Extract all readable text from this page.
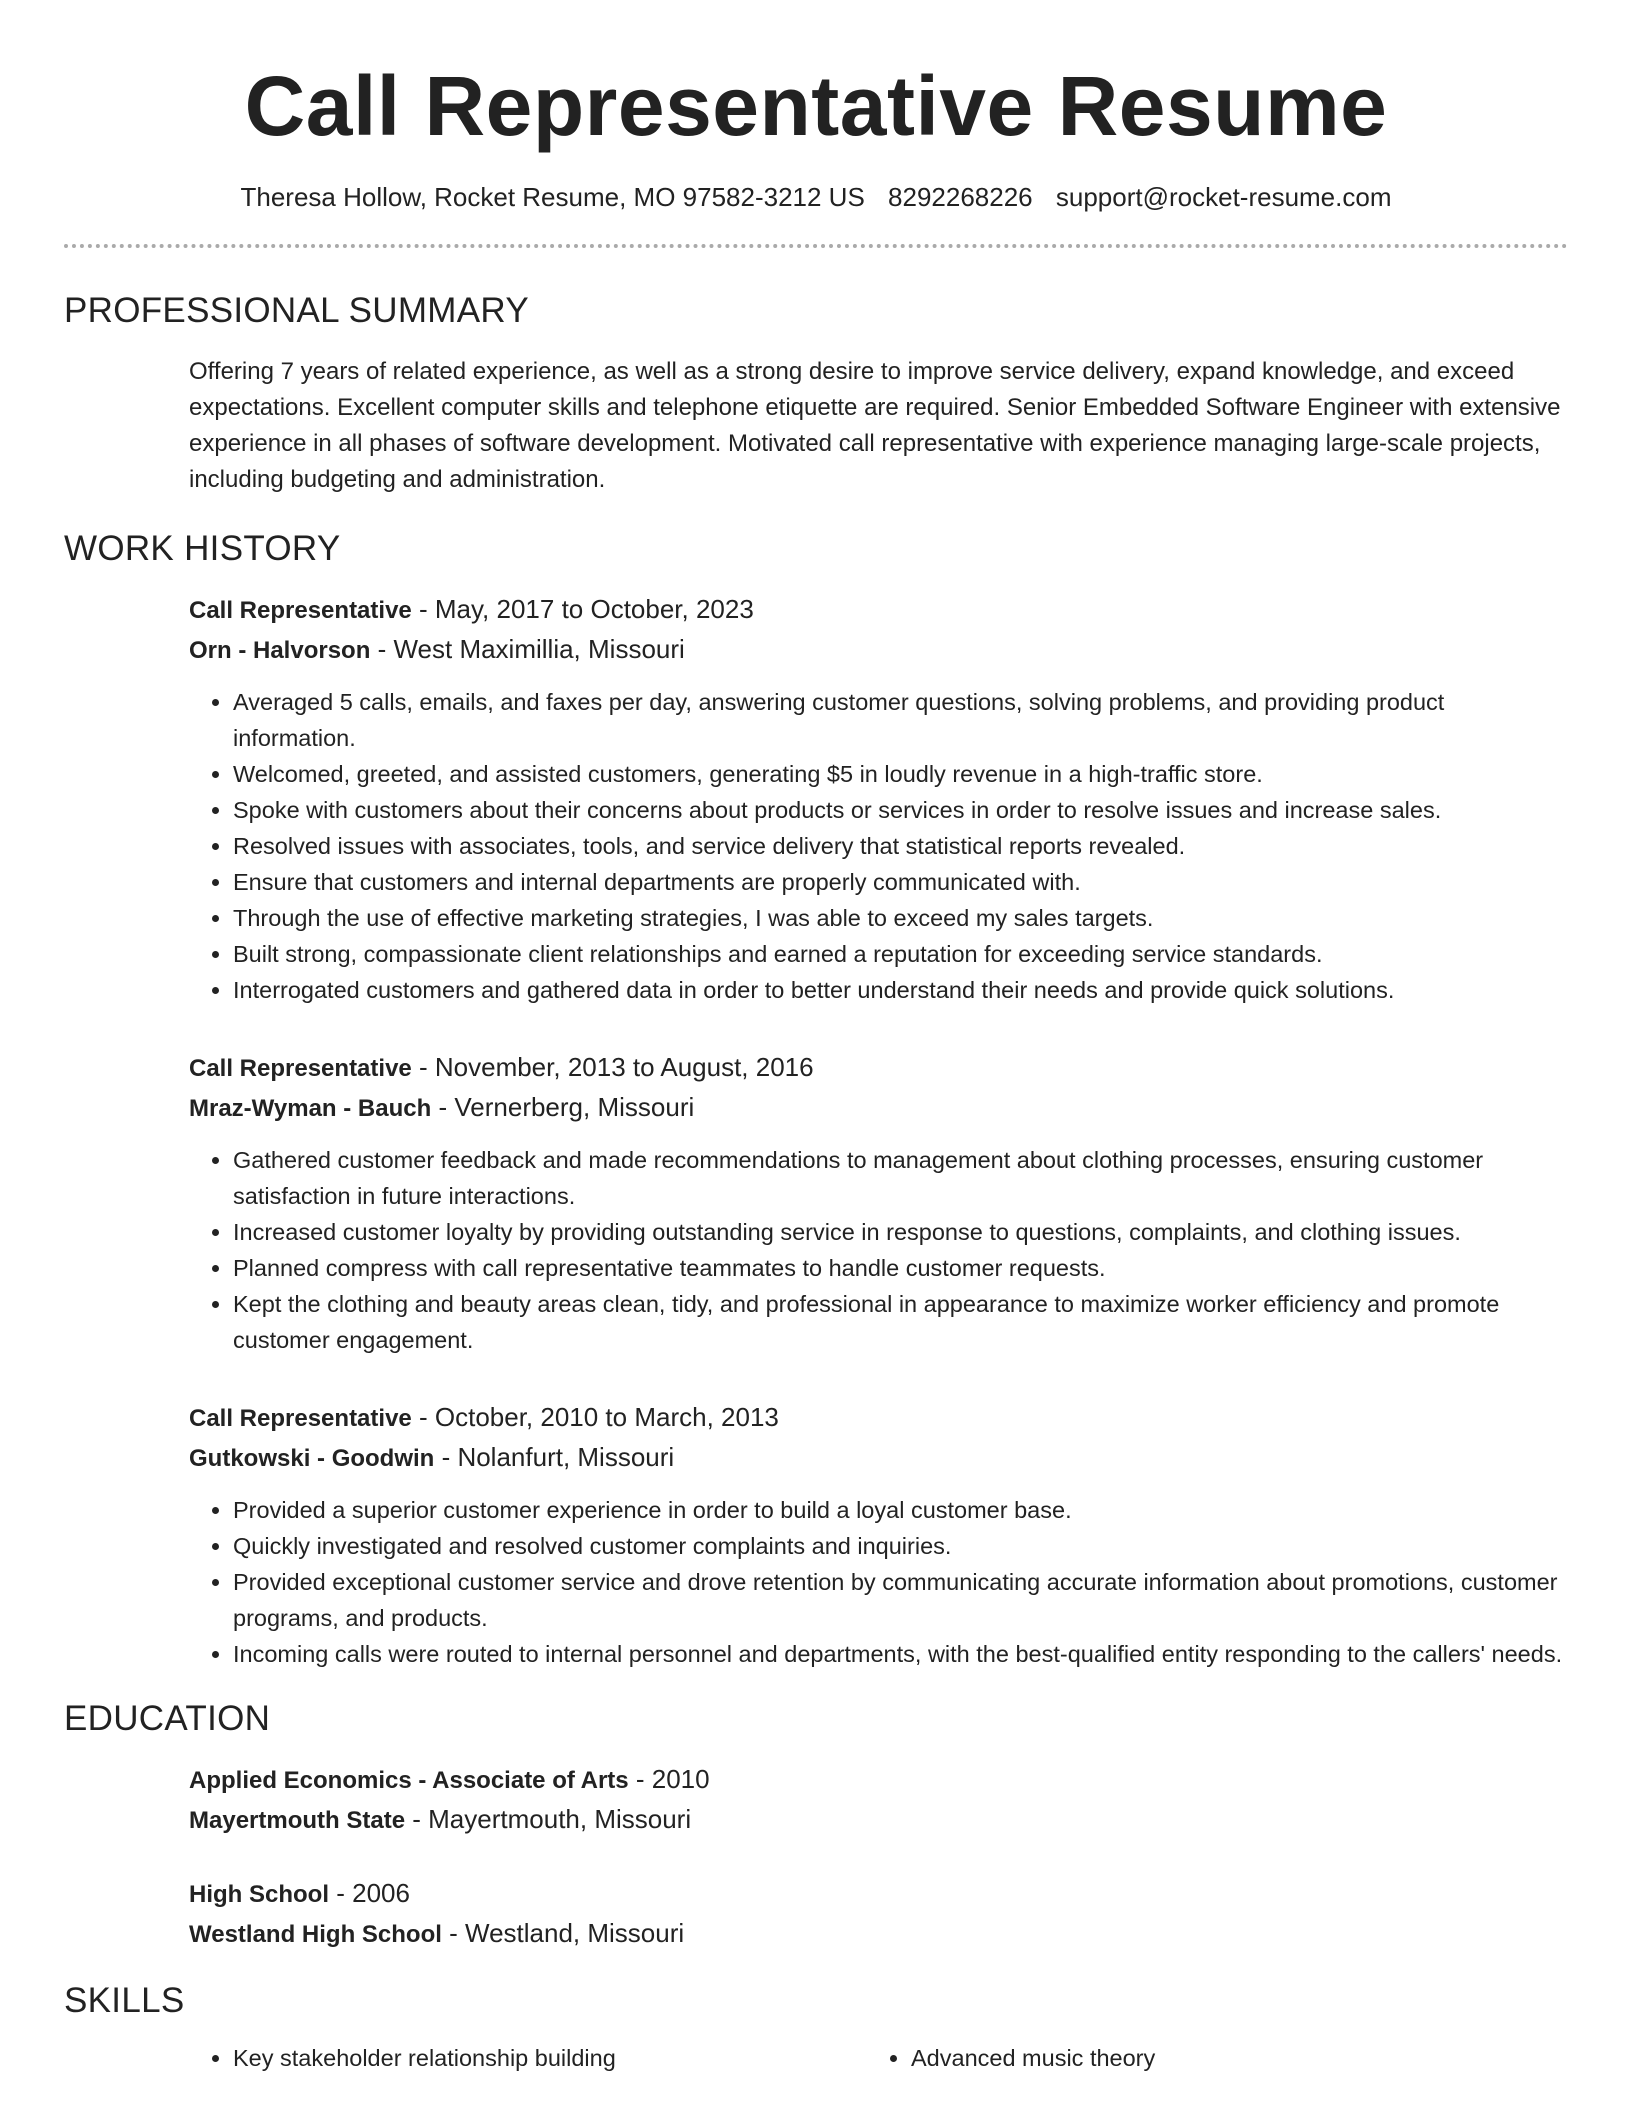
Call Representative Resume
Theresa Hollow, Rocket Resume, MO 97582-3212 US 8292268226 support@rocket-resume.com
PROFESSIONAL SUMMARY

Offering 7 years of related experience, as well as a strong desire to improve service delivery, expand knowledge, and exceed expectations. Excellent computer skills and telephone etiquette are required. Senior Embedded Software Engineer with extensive experience in all phases of software development. Motivated call representative with experience managing large-scale projects, including budgeting and administration.

WORK HISTORY
Call Representative - May, 2017 to October, 2023
Orn - Halvorson - West Maximillia, Missouri
• Averaged 5 calls, emails, and faxes per day, answering customer questions, solving problems, and providing product information.
• Welcomed, greeted, and assisted customers, generating $5 in loudly revenue in a high-traffic store.
• Spoke with customers about their concerns about products or services in order to resolve issues and increase sales.
• Resolved issues with associates, tools, and service delivery that statistical reports revealed.
• Ensure that customers and internal departments are properly communicated with.
• Through the use of effective marketing strategies, I was able to exceed my sales targets.
• Built strong, compassionate client relationships and earned a reputation for exceeding service standards.
• Interrogated customers and gathered data in order to better understand their needs and provide quick solutions.
Call Representative - November, 2013 to August, 2016
Mraz-Wyman - Bauch - Vernerberg, Missouri
• Gathered customer feedback and made recommendations to management about clothing processes, ensuring customer satisfaction in future interactions.
• Increased customer loyalty by providing outstanding service in response to questions, complaints, and clothing issues.
• Planned compress with call representative teammates to handle customer requests.
• Kept the clothing and beauty areas clean, tidy, and professional in appearance to maximize worker efficiency and promote customer engagement.
Call Representative - October, 2010 to March, 2013
Gutkowski - Goodwin - Nolanfurt, Missouri
• Provided a superior customer experience in order to build a loyal customer base.
• Quickly investigated and resolved customer complaints and inquiries.
• Provided exceptional customer service and drove retention by communicating accurate information about promotions, customer programs, and products.
• Incoming calls were routed to internal personnel and departments, with the best-qualified entity responding to the callers' needs.
EDUCATION
Applied Economics - Associate of Arts - 2010
Mayertmouth State - Mayertmouth, Missouri
High School - 2006
Westland High School - Westland, Missouri
SKILLS
• Key stakeholder relationship building
•	Advanced music theory
